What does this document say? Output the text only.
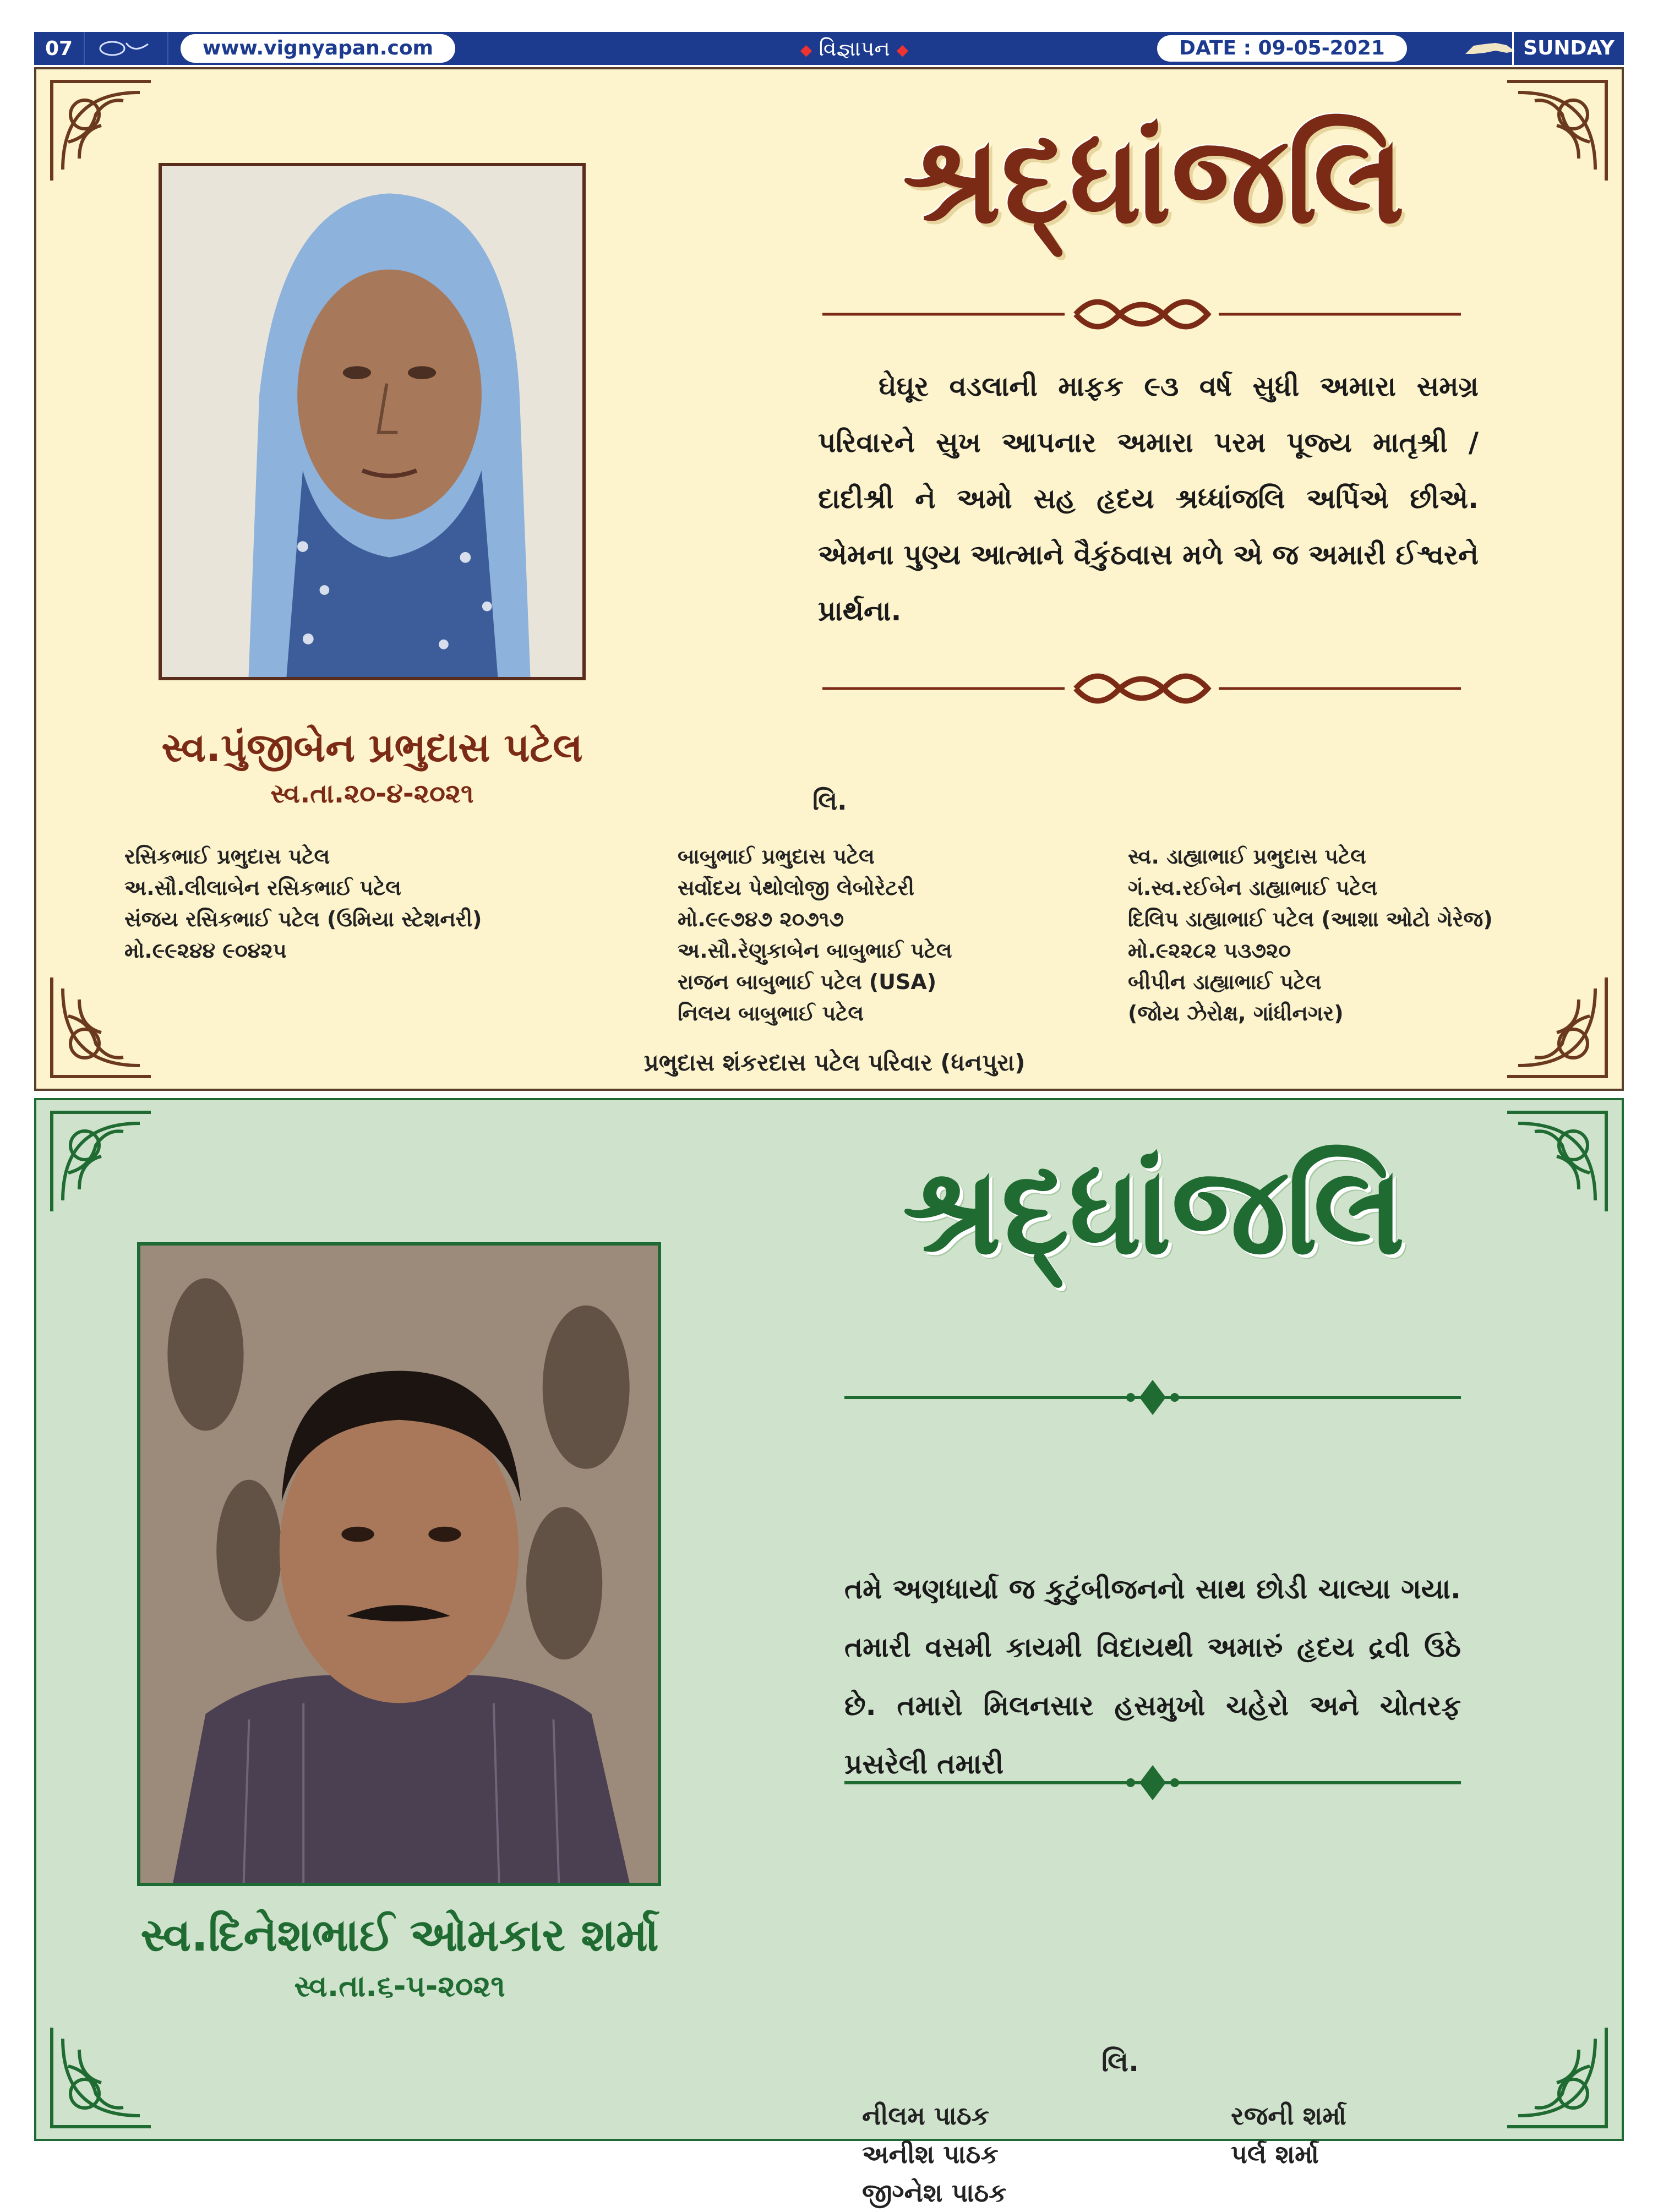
07	www.vignyapan.com	◆ વિજ્ઞાપન ◆	DATE : 09-05-2021	SUNDAY
શ્રદ્ધાંજલિ
સ્વ.પુંજીબેન પ્રભુદાસ પટેલ
સ્વ.તા.૨૦-૪-૨૦૨૧
ઘેઘૂર વડલાની માફક ૯૩ વર્ષ સુધી અમારા સમગ્ર પરિવારને સુખ આપનાર અમારા પરમ પૂજ્ય માતૃશ્રી / દાદીશ્રી ને અમો સહ હૃદય શ્રધ્ધાંજલિ અર્પિએ છીએ. એમના પુણ્ય આત્માને વૈકુંઠવાસ મળે એ જ અમારી ઈશ્વરને પ્રાર્થના.
લિ.
રસિકભાઈ પ્રભુદાસ પટેલ
અ.સૌ.લીલાબેન રસિકભાઈ પટેલ
સંજય રસિકભાઈ પટેલ (ઉમિયા સ્ટેશનરી)
મો.૯૯૨૪૪ ૯૦૪૨૫
બાબુભાઈ પ્રભુદાસ પટેલ
સર્વોદય પેથોલોજી લેબોરેટરી
મો.૯૯૭૪૭ ૨૦૭૧૭
અ.સૌ.રેણુકાબેન બાબુભાઈ પટેલ
રાજન બાબુભાઈ પટેલ (USA)
નિલય બાબુભાઈ પટેલ
સ્વ. ડાહ્યાભાઈ પ્રભુદાસ પટેલ
ગં.સ્વ.રઈબેન ડાહ્યાભાઈ પટેલ
દિલિપ ડાહ્યાભાઈ પટેલ (આશા ઓટો ગેરેજ)
મો.૯૨૨૮૨ ૫૩૭૨૦
બીપીન ડાહ્યાભાઈ પટેલ
(જોય ઝેરોક્ષ, ગાંધીનગર)
પ્રભુદાસ શંકરદાસ પટેલ પરિવાર (ધનપુરા)
શ્રદ્ધાંજલિ
સ્વ.દિનેશભાઈ ઓમકાર શર્મા
સ્વ.તા.૬-૫-૨૦૨૧
તમે અણધાર્યા જ કુટુંબીજનનો સાથ છોડી ચાલ્યા ગયા. તમારી વસમી કાયમી વિદાયથી અમારું હૃદય દ્રવી ઉઠે છે. તમારો મિલનસાર હસમુખો ચહેરો અને ચોતરફ પ્રસરેલી તમારી
લિ.
નીલમ પાઠક
અનીશ પાઠક
જીગ્નેશ પાઠક
રજની શર્મા
પર્લ શર્મા
